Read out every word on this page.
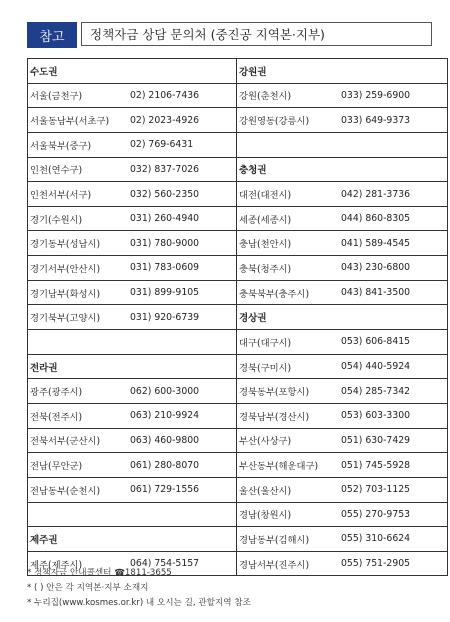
참고	정책자금 상담 문의처 (중진공 지역본·지부)
수도권		강원권	
서울(금천구)	02) 2106-7436	강원(춘천시)	033) 259-6900
서울동남부(서초구)	02) 2023-4926	강원영동(강릉시)	033) 649-9373
서울북부(중구)	02) 769-6431		
인천(연수구)	032) 837-7026	충청권	
인천서부(서구)	032) 560-2350	대전(대전시)	042) 281-3736
경기(수원시)	031) 260-4940	세종(세종시)	044) 860-8305
경기동부(성남시)	031) 780-9000	충남(천안시)	041) 589-4545
경기서부(안산시)	031) 783-0609	충북(청주시)	043) 230-6800
경기남부(화성시)	031) 899-9105	충북북부(충주시)	043) 841-3500
경기북부(고양시)	031) 920-6739	경상권	
		대구(대구시)	053) 606-8415
전라권		경북(구미시)	054) 440-5924
광주(광주시)	062) 600-3000	경북동부(포항시)	054) 285-7342
전북(전주시)	063) 210-9924	경북남부(경산시)	053) 603-3300
전북서부(군산시)	063) 460-9800	부산(사상구)	051) 630-7429
전남(무안군)	061) 280-8070	부산동부(해운대구)	051) 745-5928
전남동부(순천시)	061) 729-1556	울산(울산시)	052) 703-1125
		경남(창원시)	055) 270-9753
제주권		경남동부(김해시)	055) 310-6624
제주(제주시)	064) 754-5157	경남서부(진주시)	055) 751-2905
* 정책자금 안내콜센터 ☎1811-3655
* ( ) 안은 각 지역본·지부 소재지
* 누리집(www.kosmes.or.kr) 내 오시는 길, 관할지역 참조
